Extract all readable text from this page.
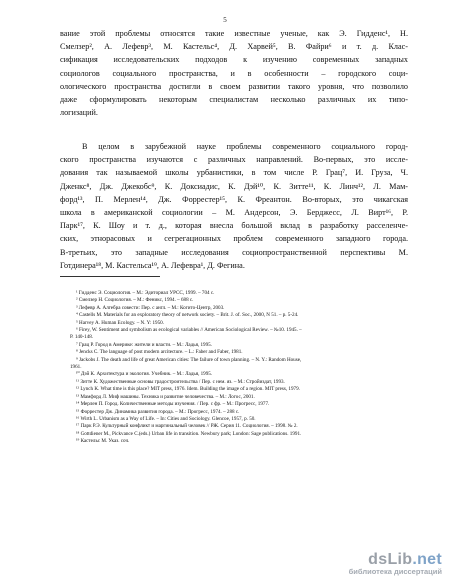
5
вание этой проблемы относятся такие известные ученые, как Э. Гидденс¹, Н.
Смелзер², А. Лефевр³, М. Кастельс⁴, Д. Харвей⁵, В. Файри⁶ и т. д. Клас-
сификация исследовательских подходов к изучению современных западных
социологов социального пространства, и в особенности – городского соци-
ологического пространства достигли в своем развитии такого уровня, что позволило
даже сформулировать некоторым специалистам несколько различных их типо-
логизаций.
В целом в зарубежной науке проблемы современного социального город-
ского пространства изучаются с различных направлений. Во-первых, это иссле-
дования так называемой школы урбанистики, в том числе Р. Грац⁷, И. Груза, Ч.
Дженкс⁸, Дж. Джекобс⁹, К. Доксиадис, К. Дэй¹⁰, К. Зитте¹¹, К. Линч¹², Л. Мам-
форд¹³, П. Мерлен¹⁴, Дж. Форрестер¹⁵, К. Фреантон. Во-вторых, это чикагская
школа в американской социологии – М. Андерсон, Э. Берджесс, Л. Вирт¹⁶, Р.
Парк¹⁷, К. Шоу и т. д., которая внесла большой вклад в разработку расселенче-
ских, этнорасовых и сегрегационных проблем современного западного города.
В-третьих, это западные исследования социопространственной перспективы М.
Готдинера¹⁸, М. Кастельса¹⁹, А. Лефевра¹, Д. Фегина.
¹ Гидденс Э. Социология. – М.: Эдиториал УРСС, 1999. – 704 с.
² Смелзер Н. Социология. – М.: Феникс, 1994. – 688 с.
³ Лефевр А. Алгебра совести: Пер. с англ. – М.: Когито-Центр, 2003.
⁴ Castells M. Materials for an exploratory theory of network society. – Brit. J. of. Soc., 2000, N 51. – p. 5-24.
⁵ Harvey A. Human Ecology. – N. Y: 1950.
⁶ Firey, W. Sentiment and symbolism as ecological variables // American Sociological Review. – №10. 1945. –
P. 140-148.
⁷ Грац Р. Город в Америке: жители и власти. – М.: Ладья, 1995.
⁸ Jencks C. The language of post modern arcitecture. – L.: Faber and Faber, 1981.
⁹ Jackobs J. The death and life of great American cities: The failure of town planning. – N. Y.: Random House,
1961.
¹⁰ Дэй К. Архитектура и экология. Учебник. – М.: Ладья, 1995.
¹¹ Зитте К. Художественные основы градостроительства / Пер. с нем. яз. – М.: Стройиздат, 1993.
¹² Lynch K. What time is this place? MIT press, 1976. Idem. Building the image of a region. MIT press, 1979.
¹³ Мамфорд Л. Миф машины. Техника и развитие человечества. – М.: Логос, 2001.
¹⁴ Мерлен П. Город. Количественные методы изучения. / Пер. с фр. – М.: Прогресс, 1977.
¹⁵ Форрестер Дж. Динамика развития города. – М.: Прогресс, 1974. – 288 с.
¹⁶ Wirth L. Urbanism as a Way of Life. – In: Cities and Sociology. Glencoe, 1957, p. 50.
¹⁷ Парк Р.Э. Культурный конфликт и маргинальный человек // РЖ. Серия 11. Социология. – 1998. № 2.
¹⁸ Gottdiener M., Pickvance C.(eds.) Urban life in transition. Newbury park; London: Sage publications. 1991.
¹⁹ Кастельс М. Указ. соч.
dsLib.net
библиотека диссертаций
